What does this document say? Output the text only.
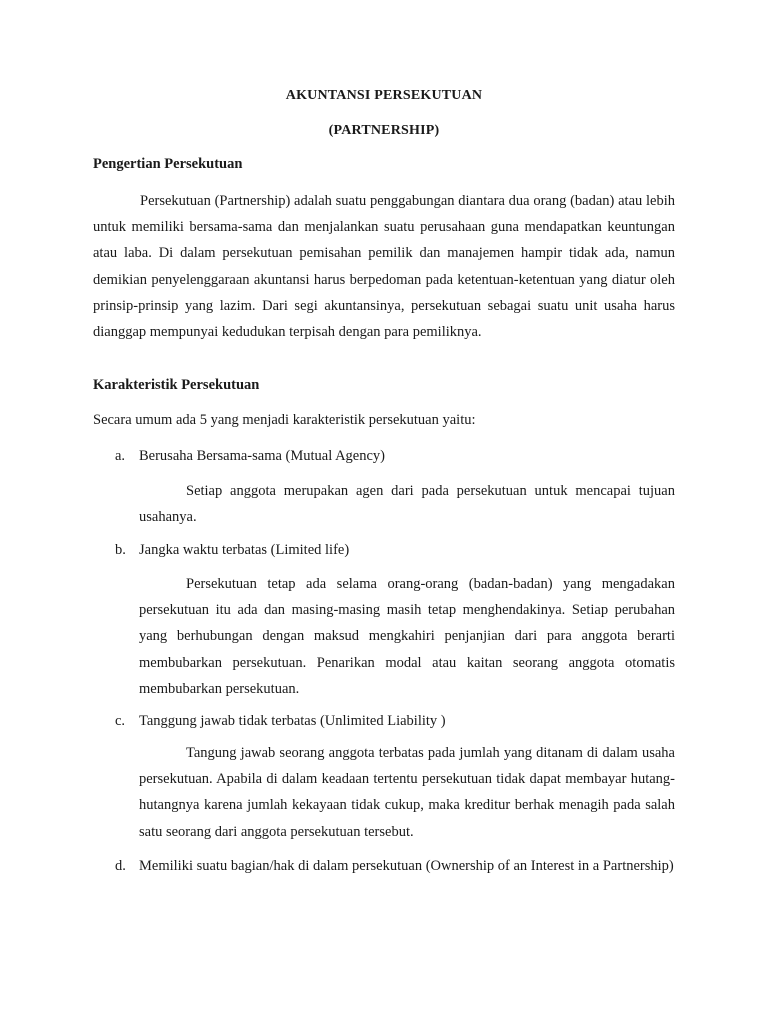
AKUNTANSI PERSEKUTUAN
(PARTNERSHIP)
Pengertian Persekutuan
Persekutuan (Partnership) adalah suatu penggabungan diantara dua orang (badan) atau lebih untuk memiliki bersama-sama dan menjalankan suatu perusahaan guna mendapatkan keuntungan atau laba. Di dalam persekutuan pemisahan pemilik dan manajemen hampir tidak ada, namun demikian penyelenggaraan akuntansi harus berpedoman pada ketentuan-ketentuan yang diatur oleh prinsip-prinsip yang lazim. Dari segi akuntansinya, persekutuan sebagai suatu unit usaha harus dianggap mempunyai kedudukan terpisah dengan para pemiliknya.
Karakteristik Persekutuan
Secara umum ada 5 yang menjadi karakteristik persekutuan yaitu:
a. Berusaha Bersama-sama (Mutual Agency)
Setiap anggota merupakan agen dari pada persekutuan untuk mencapai tujuan usahanya.
b. Jangka waktu terbatas (Limited life)
Persekutuan tetap ada selama orang-orang (badan-badan) yang mengadakan persekutuan itu ada dan masing-masing masih tetap menghendakinya. Setiap perubahan yang berhubungan dengan maksud mengkahiri penjanjian dari para anggota berarti membubarkan persekutuan. Penarikan modal atau kaitan seorang anggota otomatis membubarkan persekutuan.
c. Tanggung jawab tidak terbatas (Unlimited Liability )
Tangung jawab seorang anggota terbatas pada jumlah yang ditanam di dalam usaha persekutuan. Apabila di dalam keadaan tertentu persekutuan tidak dapat membayar hutang-hutangnya karena jumlah kekayaan tidak cukup, maka kreditur berhak menagih pada salah satu seorang dari anggota persekutuan tersebut.
d. Memiliki suatu bagian/hak di dalam persekutuan (Ownership of an Interest in a Partnership)
